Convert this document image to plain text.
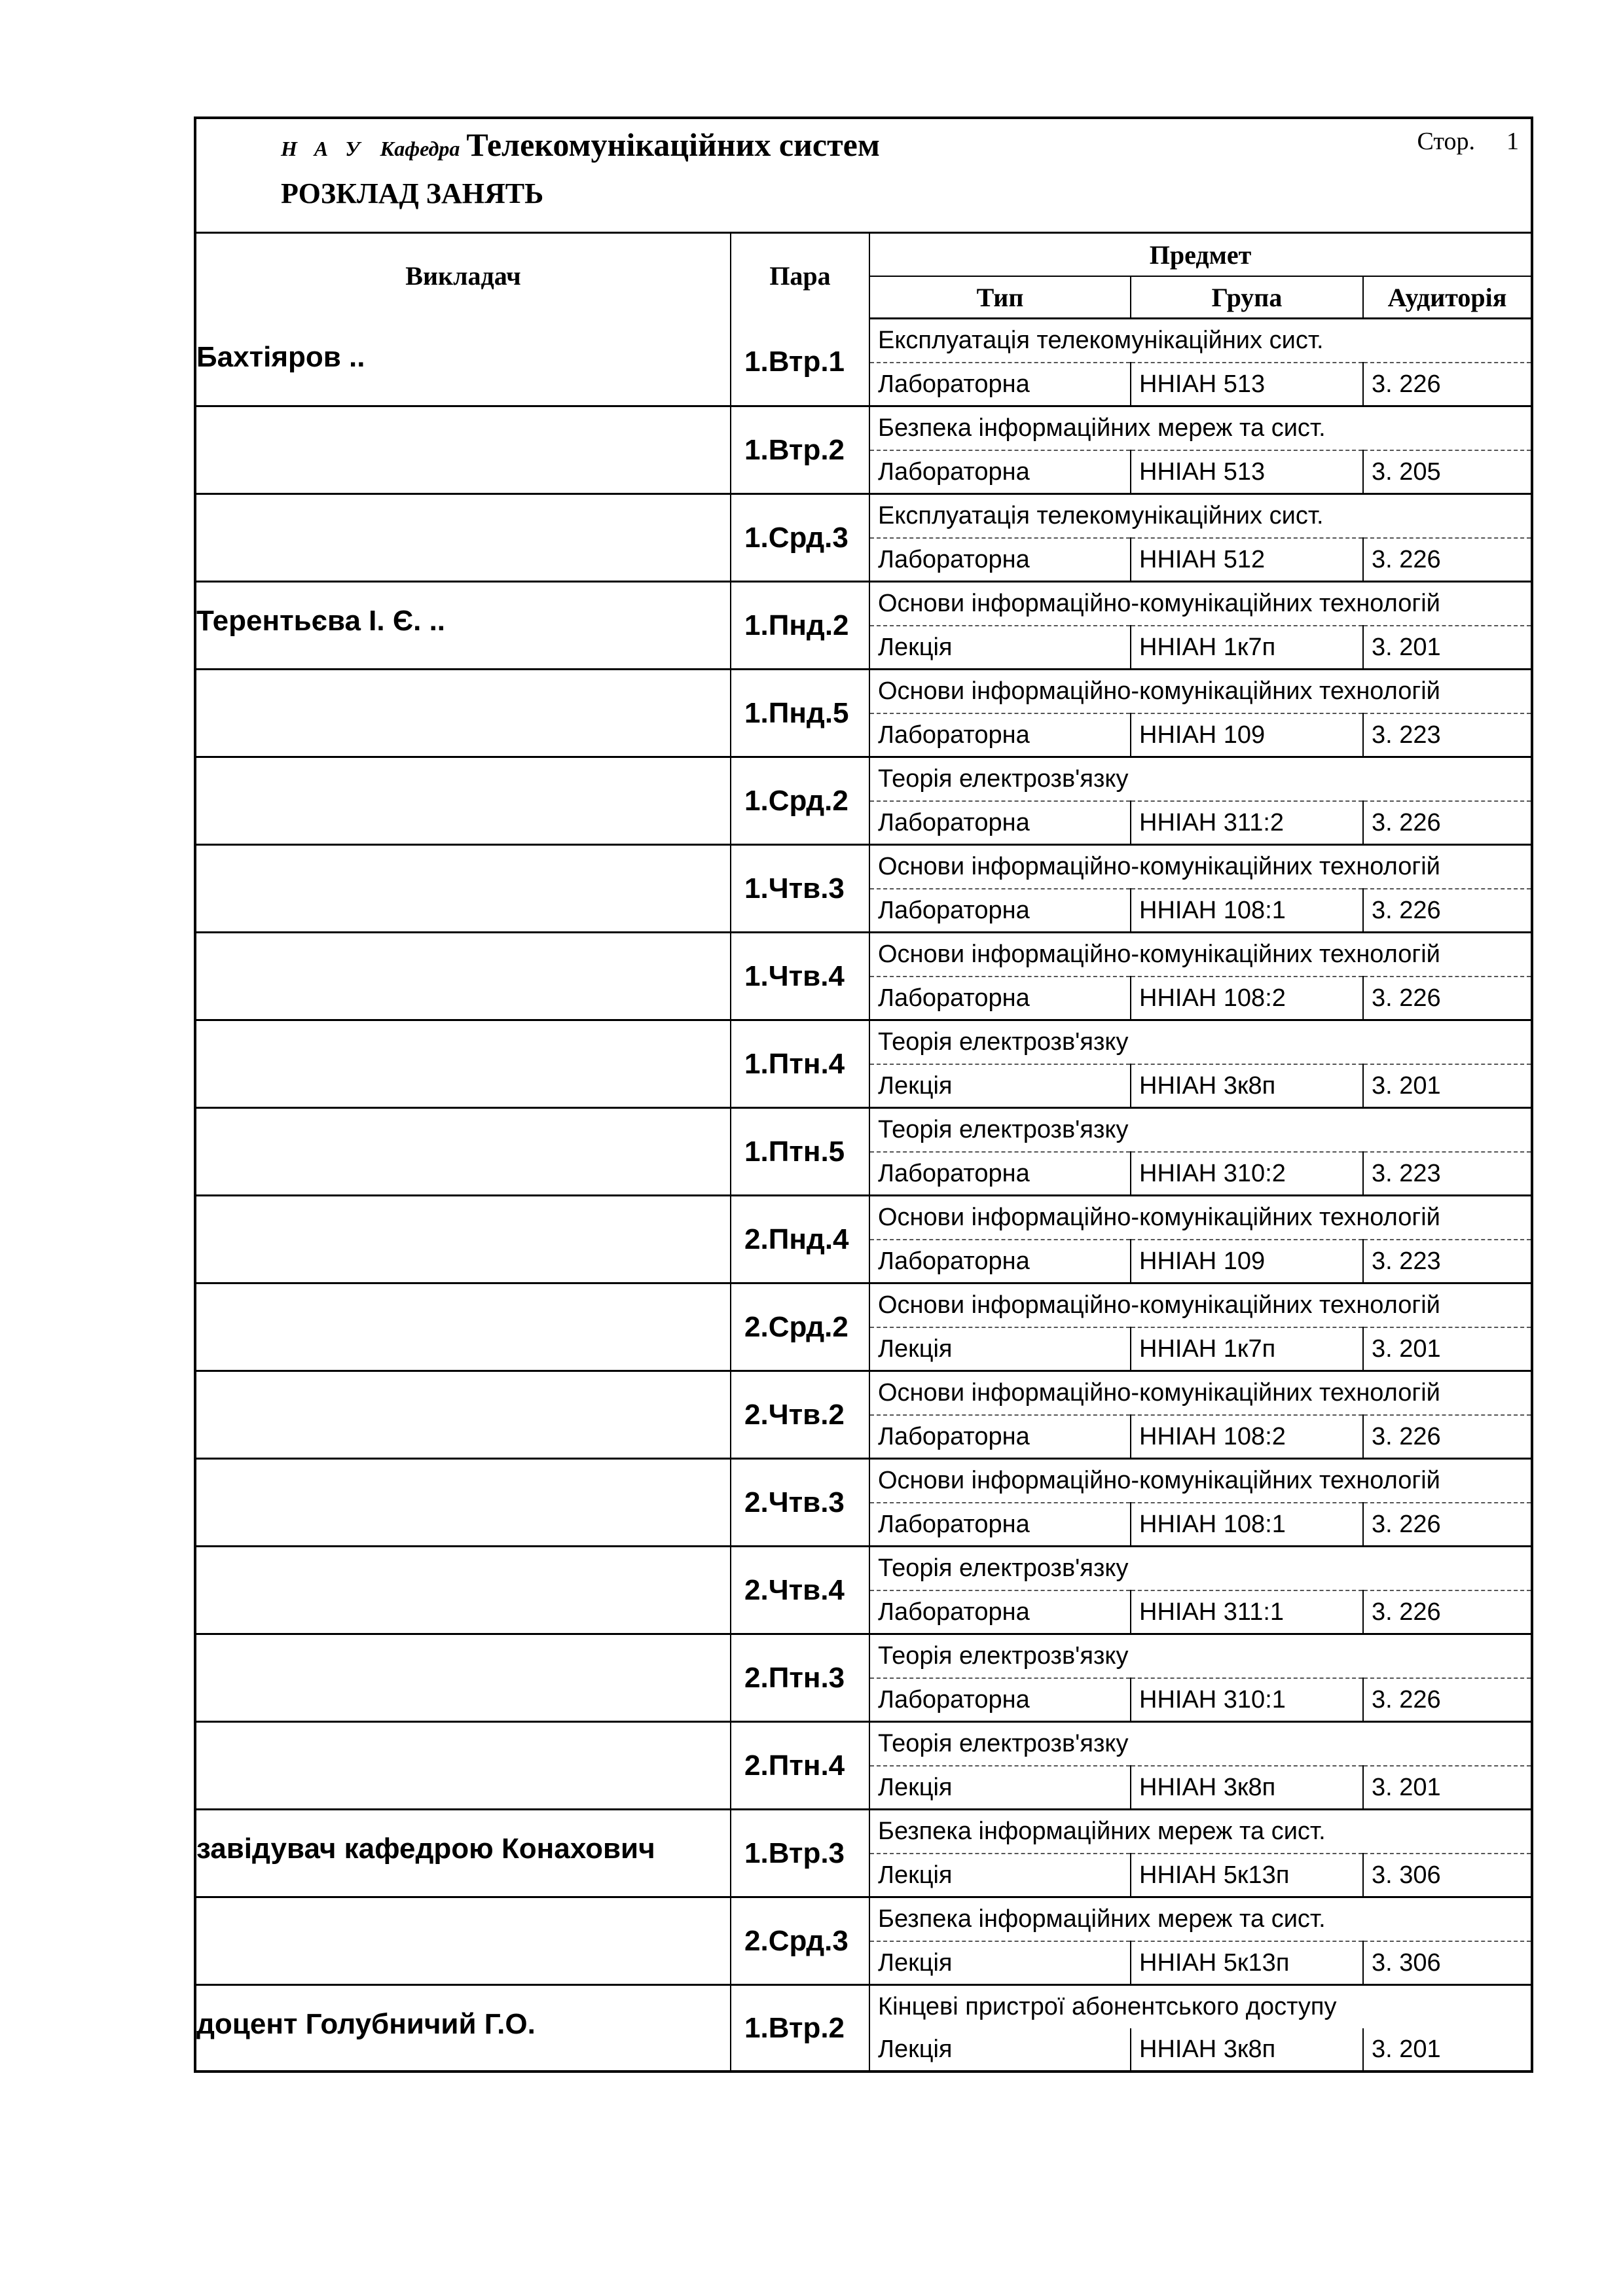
Н А У Кафедра Телекомунікаційних систем
РОЗКЛАД ЗАНЯТЬ
Стор. 1
Викладач	Пара	Предмет		
		Тип	Група	Аудиторія

Бахтіяров ..	1.Втр.1	Експлуатація телекомунікаційних сист.		
		Лабораторна	ННІАН 513	3. 226

	1.Втр.2	Безпека інформаційних мереж та сист.		
		Лабораторна	ННІАН 513	3. 205

	1.Срд.3	Експлуатація телекомунікаційних сист.		
		Лабораторна	ННІАН 512	3. 226

Терентьєва І. Є. ..	1.Пнд.2	Основи інформаційно-комунікаційних технологій		
		Лекція	ННІАН 1к7п	3. 201

	1.Пнд.5	Основи інформаційно-комунікаційних технологій		
		Лабораторна	ННІАН 109	3. 223

	1.Срд.2	Теорія електрозв'язку		
		Лабораторна	ННІАН 311:2	3. 226

	1.Чтв.3	Основи інформаційно-комунікаційних технологій		
		Лабораторна	ННІАН 108:1	3. 226

	1.Чтв.4	Основи інформаційно-комунікаційних технологій		
		Лабораторна	ННІАН 108:2	3. 226

	1.Птн.4	Теорія електрозв'язку		
		Лекція	ННІАН 3к8п	3. 201

	1.Птн.5	Теорія електрозв'язку		
		Лабораторна	ННІАН 310:2	3. 223

	2.Пнд.4	Основи інформаційно-комунікаційних технологій		
		Лабораторна	ННІАН 109	3. 223

	2.Срд.2	Основи інформаційно-комунікаційних технологій		
		Лекція	ННІАН 1к7п	3. 201

	2.Чтв.2	Основи інформаційно-комунікаційних технологій		
		Лабораторна	ННІАН 108:2	3. 226

	2.Чтв.3	Основи інформаційно-комунікаційних технологій		
		Лабораторна	ННІАН 108:1	3. 226

	2.Чтв.4	Теорія електрозв'язку		
		Лабораторна	ННІАН 311:1	3. 226

	2.Птн.3	Теорія електрозв'язку		
		Лабораторна	ННІАН 310:1	3. 226

	2.Птн.4	Теорія електрозв'язку		
		Лекція	ННІАН 3к8п	3. 201

завідувач кафедрою Конахович	1.Втр.3	Безпека інформаційних мереж та сист.		
		Лекція	ННІАН 5к13п	3. 306

	2.Срд.3	Безпека інформаційних мереж та сист.		
		Лекція	ННІАН 5к13п	3. 306

доцент Голубничий Г.О.	1.Втр.2	Кінцеві пристрої абонентського доступу		
		Лекція	ННІАН 3к8п	3. 201
